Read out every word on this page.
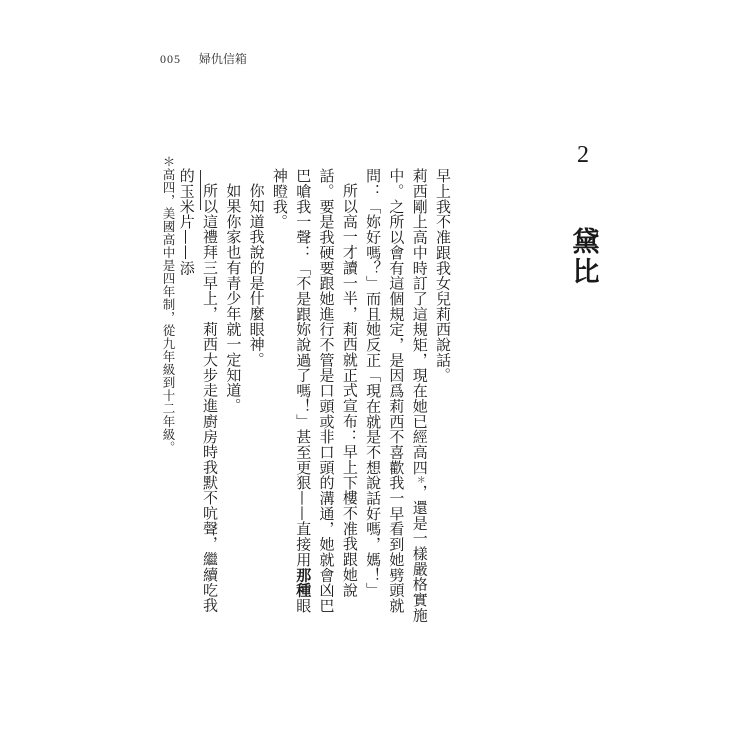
005 婦仇信箱
2
黛比

早上我不准跟我女兒莉西說話。

莉西剛上高中時訂了這規矩，現在她已經高四＊，還是一樣嚴格實施中。之所以會有這個規定，是因爲莉西不喜歡我一早看到她劈頭就問：「妳好嗎？」而且她反正「現在就是不想說話好嗎，媽！」

所以高一才讀一半，莉西就正式宣布：早上下樓不准我跟她說話。要是我硬要跟她進行不管是口頭或非口頭的溝通，她就會凶巴巴嗆我一聲：「不是跟妳說過了嗎！」甚至更狠——直接用那種眼神瞪我。

你知道我說的是什麼眼神。

如果你家也有青少年就一定知道。

所以這禮拜三早上，莉西大步走進廚房時我默不吭聲，繼續吃我的玉米片——添

＊高四，美國高中是四年制，從九年級到十二年級。
